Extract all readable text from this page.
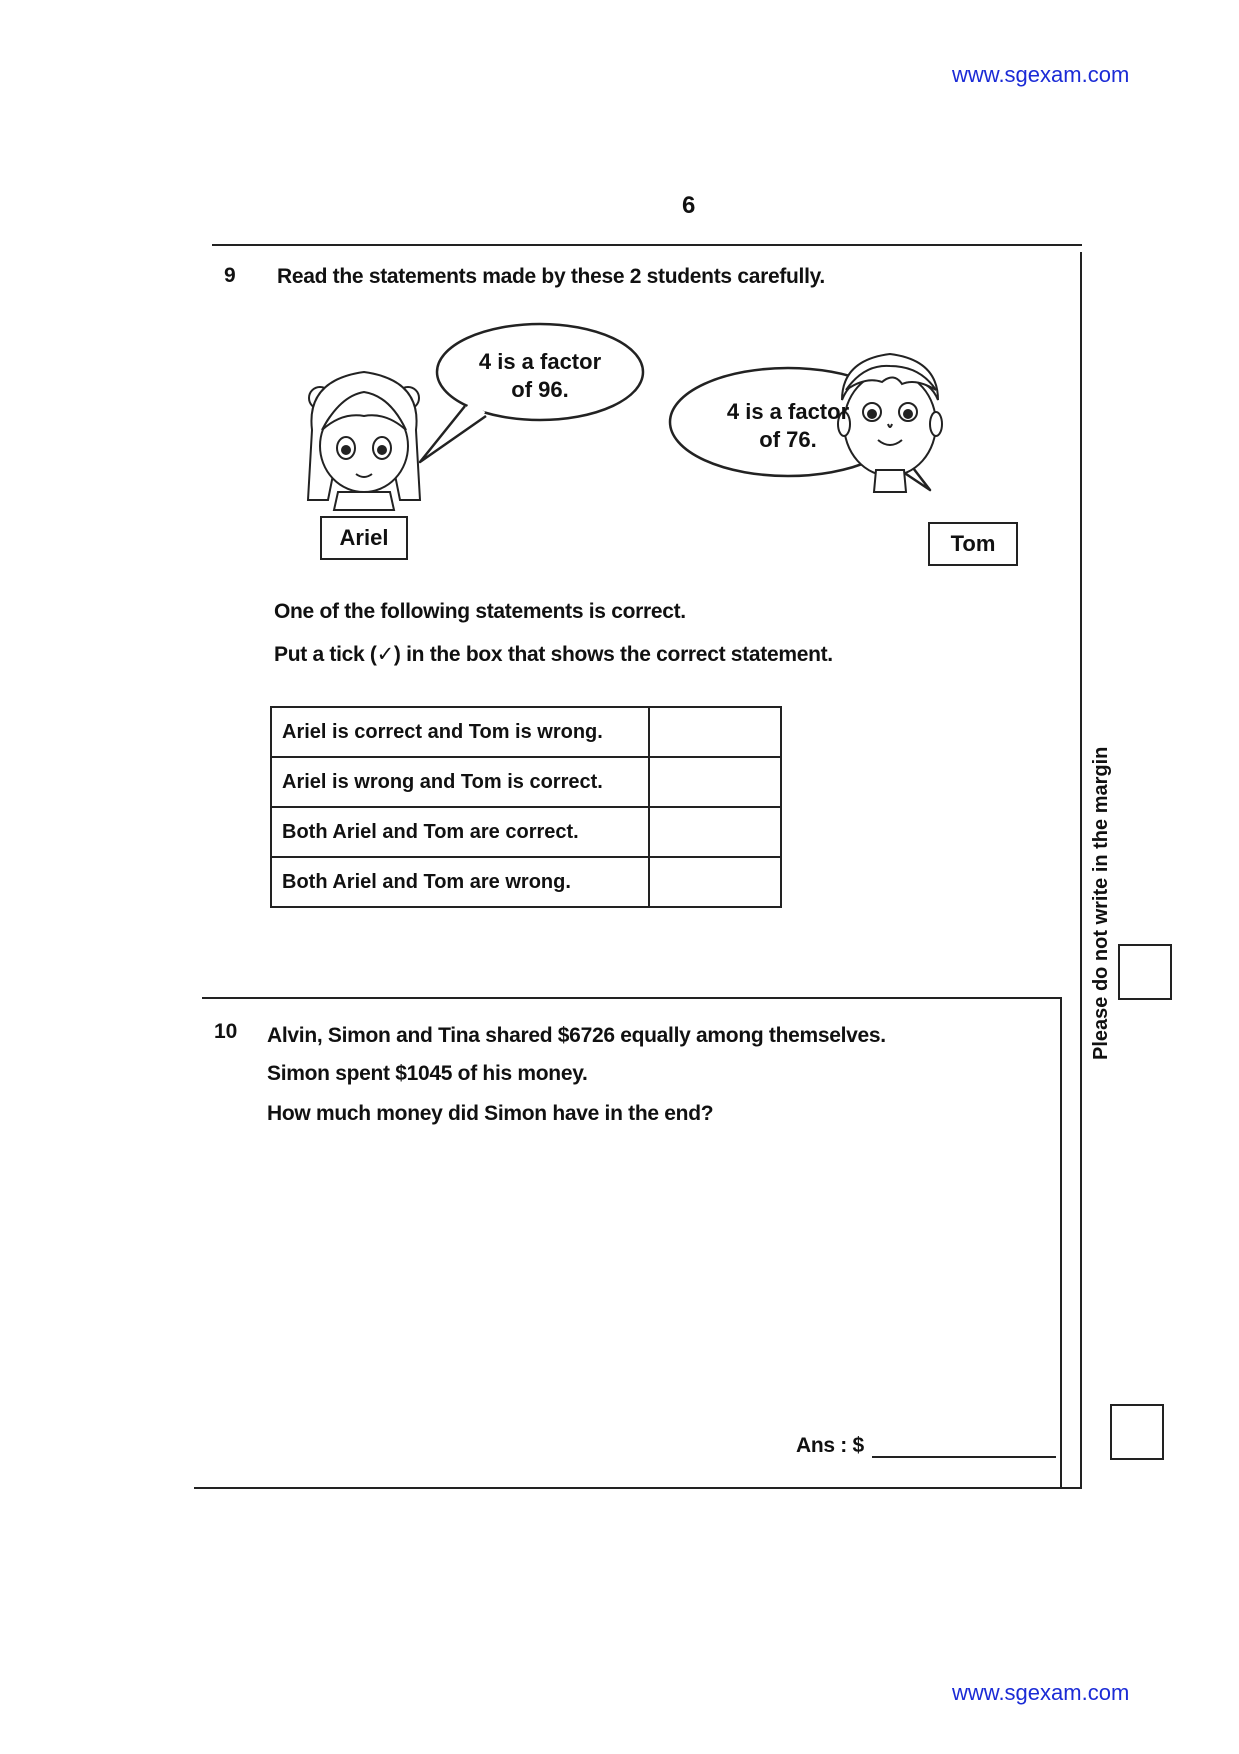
www.sgexam.com
6
9 Read the statements made by these 2 students carefully.
4 is a factor
of 96.
4 is a factor
of 76.
Ariel	Tom
One of the following statements is correct.
Put a tick (✓) in the box that shows the correct statement.
Ariel is correct and Tom is wrong.	
Ariel is wrong and Tom is correct.	
Both Ariel and Tom are correct.	
Both Ariel and Tom are wrong.		Please do not write in the margin
10 Alvin, Simon and Tina shared $6726 equally among themselves.
Simon spent $1045 of his money.
How much money did Simon have in the end?
Ans : $
www.sgexam.com
